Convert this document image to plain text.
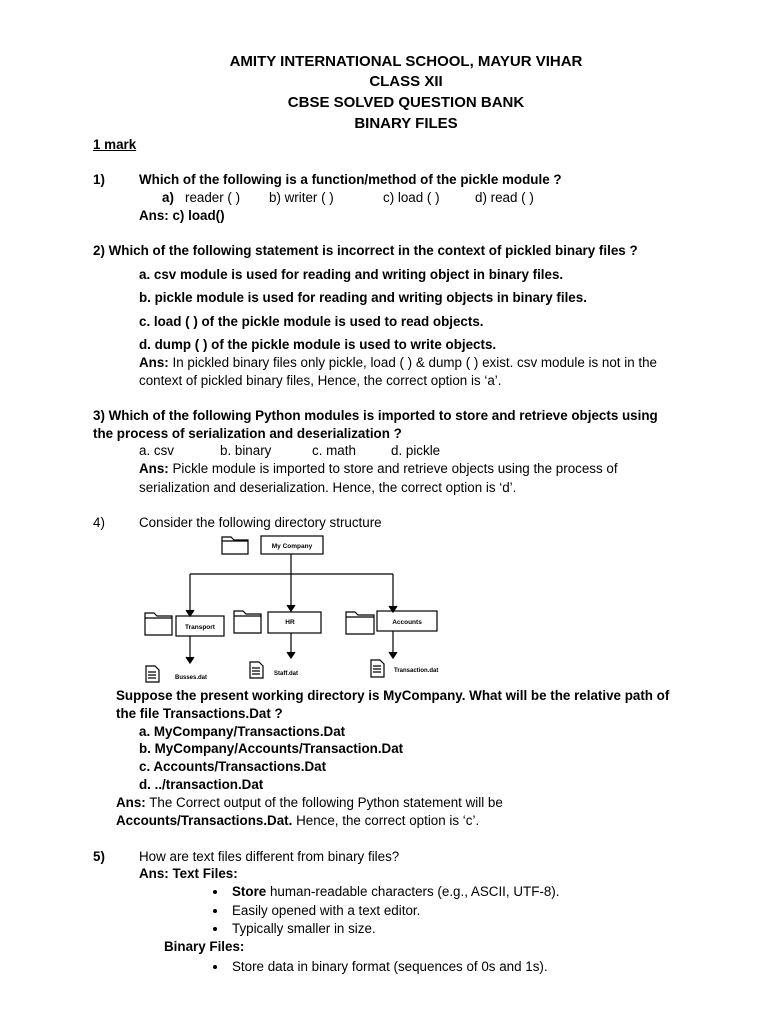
AMITY INTERNATIONAL SCHOOL, MAYUR VIHAR
CLASS XII
CBSE SOLVED QUESTION BANK
BINARY FILES
1 mark
1)	Which of the following is a function/method of the pickle module ?
a) reader ( ) b) writer ( )	c) load ( )	d) read ( )
Ans: c) load()
2) Which of the following statement is incorrect in the context of pickled binary files ?
a. csv module is used for reading and writing object in binary files.
b. pickle module is used for reading and writing objects in binary files.
c. load ( ) of the pickle module is used to read objects.
d. dump ( ) of the pickle module is used to write objects.
Ans: In pickled binary files only pickle, load ( ) & dump ( ) exist. csv module is not in the
context of pickled binary files, Hence, the correct option is ‘a’.
3) Which of the following Python modules is imported to store and retrieve objects using
the process of serialization and deserialization ?
a. csv	b. binary	c. math	d. pickle
Ans: Pickle module is imported to store and retrieve objects using the process of
serialization and deserialization. Hence, the correct option is ‘d’.
4)	Consider the following directory structure
My Company
Transport
HR	Accounts
Busses.dat
Staff.dat	Transaction.dat
Suppose the present working directory is MyCompany. What will be the relative path of
the file Transactions.Dat ?
a. MyCompany/Transactions.Dat
b. MyCompany/Accounts/Transaction.Dat
c. Accounts/Transactions.Dat
d. ../transaction.Dat
Ans: The Correct output of the following Python statement will be
Accounts/Transactions.Dat. Hence, the correct option is ‘c’.
5)	How are text files different from binary files?
Ans: Text Files:
Store human-readable characters (e.g., ASCII, UTF-8).
Easily opened with a text editor.
Typically smaller in size.
Binary Files:
Store data in binary format (sequences of 0s and 1s).
